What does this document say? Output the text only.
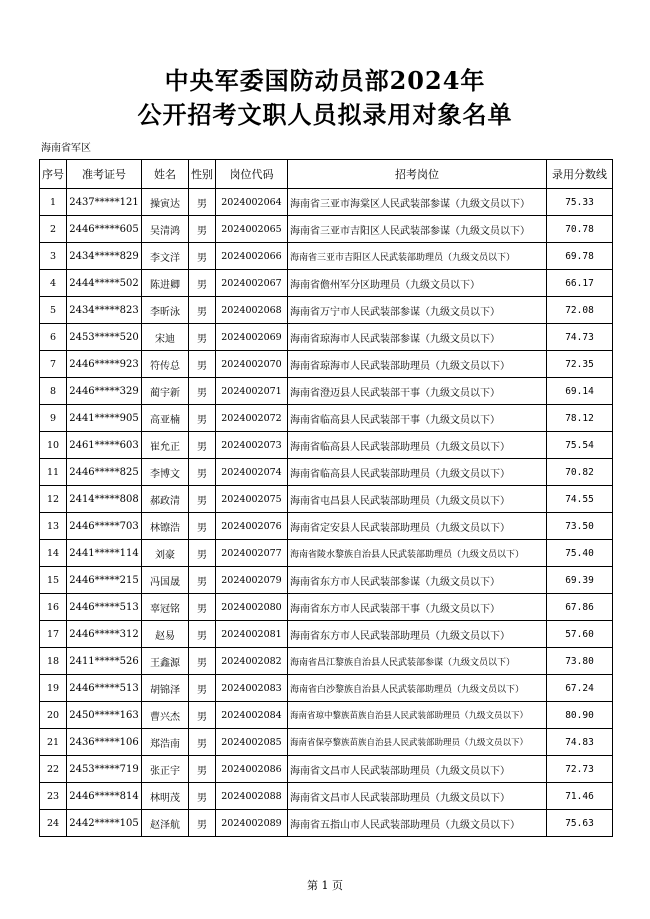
中央军委国防动员部2024年
公开招考文职人员拟录用对象名单
海南省军区
序号	准考证号	姓名	性别	岗位代码	招考岗位	录用分数线
1	2437*****121	操寅达	男	2024002064	海南省三亚市海棠区人民武装部参谋（九级文员以下）	75.33
2	2446*****605	吴清鸿	男	2024002065	海南省三亚市吉阳区人民武装部参谋（九级文员以下）	70.78
3	2434*****829	李文洋	男	2024002066	海南省三亚市吉阳区人民武装部助理员（九级文员以下）	69.78
4	2444*****502	陈进卿	男	2024002067	海南省儋州军分区助理员（九级文员以下）	66.17
5	2434*****823	李昕泳	男	2024002068	海南省万宁市人民武装部参谋（九级文员以下）	72.08
6	2453*****520	宋迪	男	2024002069	海南省琼海市人民武装部参谋（九级文员以下）	74.73
7	2446*****923	符传总	男	2024002070	海南省琼海市人民武装部助理员（九级文员以下）	72.35
8	2446*****329	蔺宇新	男	2024002071	海南省澄迈县人民武装部干事（九级文员以下）	69.14
9	2441*****905	高亚楠	男	2024002072	海南省临高县人民武装部干事（九级文员以下）	78.12
10	2461*****603	崔允正	男	2024002073	海南省临高县人民武装部助理员（九级文员以下）	75.54
11	2446*****825	李博文	男	2024002074	海南省临高县人民武装部助理员（九级文员以下）	70.82
12	2414*****808	郝政清	男	2024002075	海南省屯昌县人民武装部助理员（九级文员以下）	74.55
13	2446*****703	林镲浩	男	2024002076	海南省定安县人民武装部助理员（九级文员以下）	73.50
14	2441*****114	刘豪	男	2024002077	海南省陵水黎族自治县人民武装部助理员（九级文员以下）	75.40
15	2446*****215	冯国晟	男	2024002079	海南省东方市人民武装部参谋（九级文员以下）	69.39
16	2446*****513	辜冠铭	男	2024002080	海南省东方市人民武装部干事（九级文员以下）	67.86
17	2446*****312	赵易	男	2024002081	海南省东方市人民武装部助理员（九级文员以下）	57.60
18	2411*****526	王鑫源	男	2024002082	海南省昌江黎族自治县人民武装部参谋（九级文员以下）	73.80
19	2446*****513	胡锦泽	男	2024002083	海南省白沙黎族自治县人民武装部助理员（九级文员以下）	67.24
20	2450*****163	曹兴杰	男	2024002084	海南省琼中黎族苗族自治县人民武装部助理员（九级文员以下）	80.90
21	2436*****106	郑浩南	男	2024002085	海南省保亭黎族苗族自治县人民武装部助理员（九级文员以下）	74.83
22	2453*****719	张正宇	男	2024002086	海南省文昌市人民武装部助理员（九级文员以下）	72.73
23	2446*****814	林明茂	男	2024002088	海南省文昌市人民武装部助理员（九级文员以下）	71.46
24	2442*****105	赵泽航	男	2024002089	海南省五指山市人民武装部助理员（九级文员以下）	75.63
第 1 页
